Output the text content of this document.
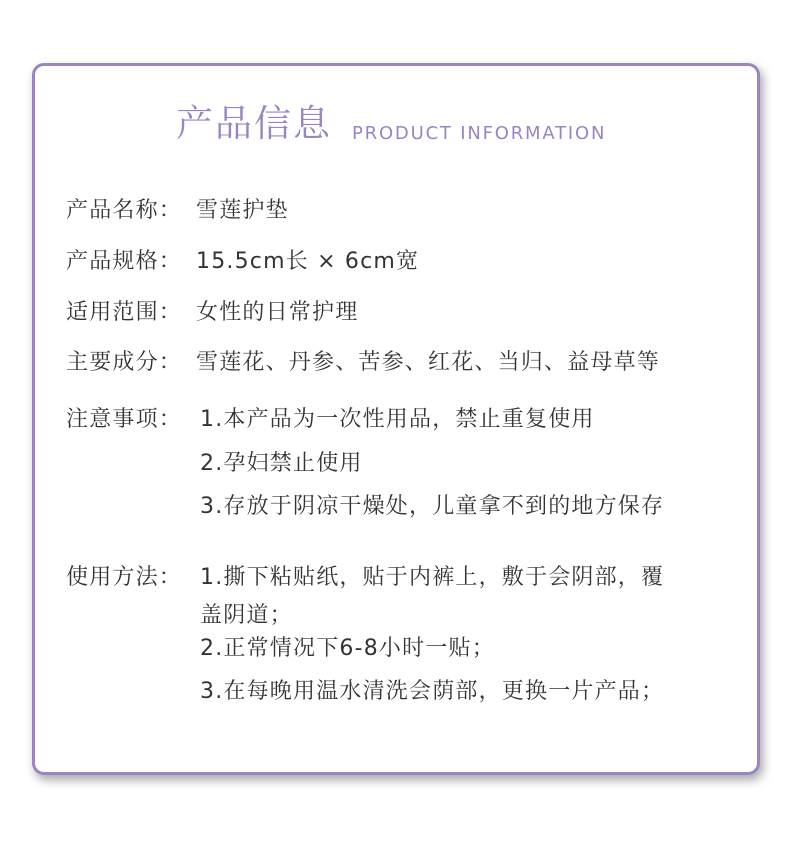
产品信息 PRODUCT INFORMATION
产品名称： 雪莲护垫
产品规格： 15.5cm长 × 6cm宽
适用范围： 女性的日常护理
主要成分： 雪莲花、丹参、苦参、红花、当归、益母草等
注意事项： 1.本产品为一次性用品，禁止重复使用
2.孕妇禁止使用
3.存放于阴凉干燥处，儿童拿不到的地方保存
使用方法： 1.撕下粘贴纸，贴于内裤上，敷于会阴部，覆
盖阴道；
2.正常情况下6-8小时一贴；
3.在每晚用温水清洗会荫部，更换一片产品；
